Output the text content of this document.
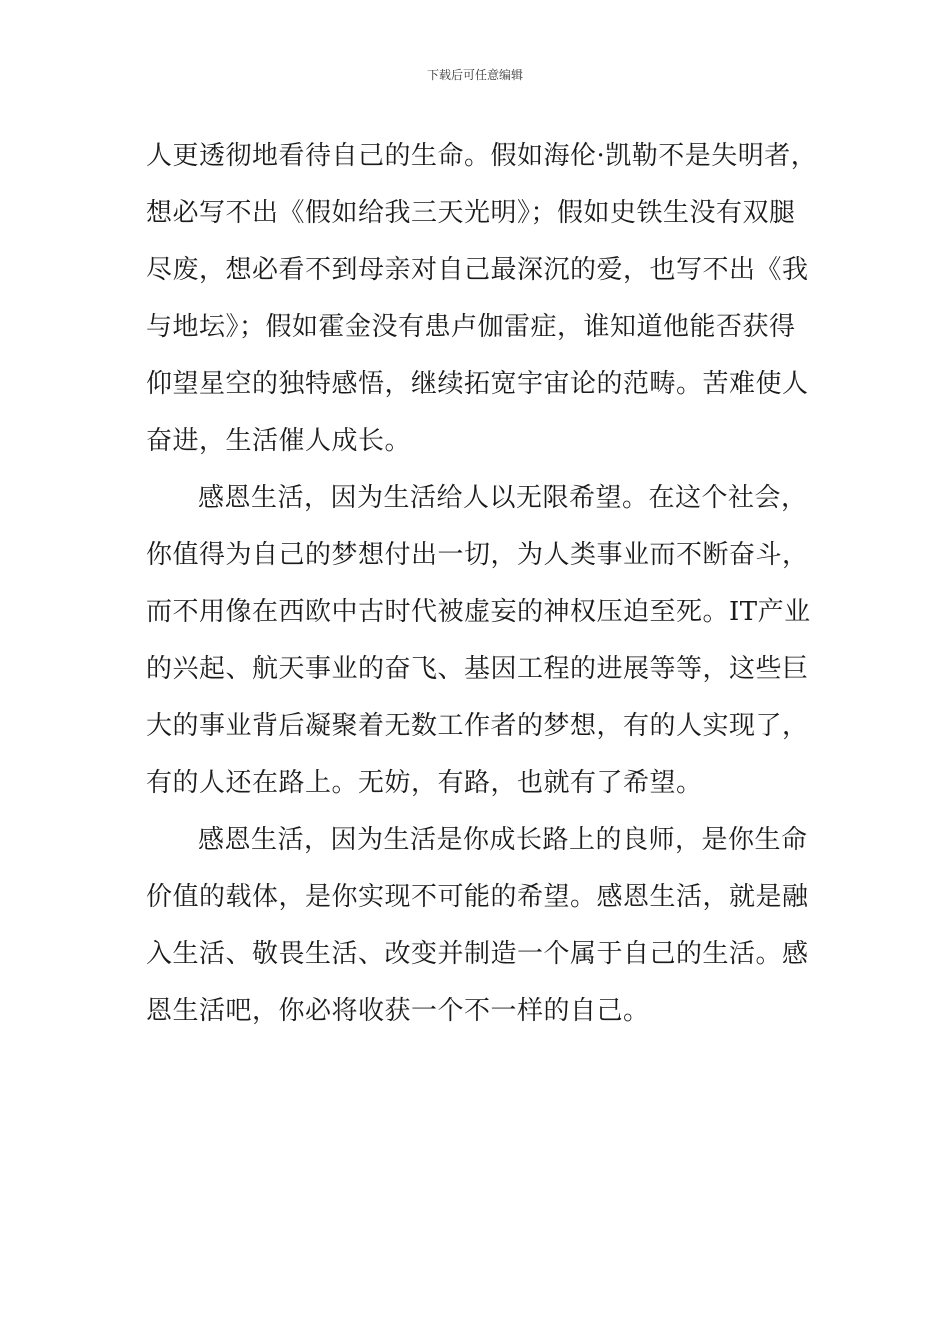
下载后可任意编辑
人更透彻地看待自己的生命。假如海伦·凯勒不是失明者，
想必写不出《假如给我三天光明》；假如史铁生没有双腿
尽废，想必看不到母亲对自己最深沉的爱，也写不出《我
与地坛》；假如霍金没有患卢伽雷症，谁知道他能否获得
仰望星空的独特感悟，继续拓宽宇宙论的范畴。苦难使人
奋进，生活催人成长。
感恩生活，因为生活给人以无限希望。在这个社会，
你值得为自己的梦想付出一切，为人类事业而不断奋斗，
而不用像在西欧中古时代被虚妄的神权压迫至死。IT产业
的兴起、航天事业的奋飞、基因工程的进展等等，这些巨
大的事业背后凝聚着无数工作者的梦想，有的人实现了，
有的人还在路上。无妨，有路，也就有了希望。
感恩生活，因为生活是你成长路上的良师，是你生命
价值的载体，是你实现不可能的希望。感恩生活，就是融
入生活、敬畏生活、改变并制造一个属于自己的生活。感
恩生活吧，你必将收获一个不一样的自己。
